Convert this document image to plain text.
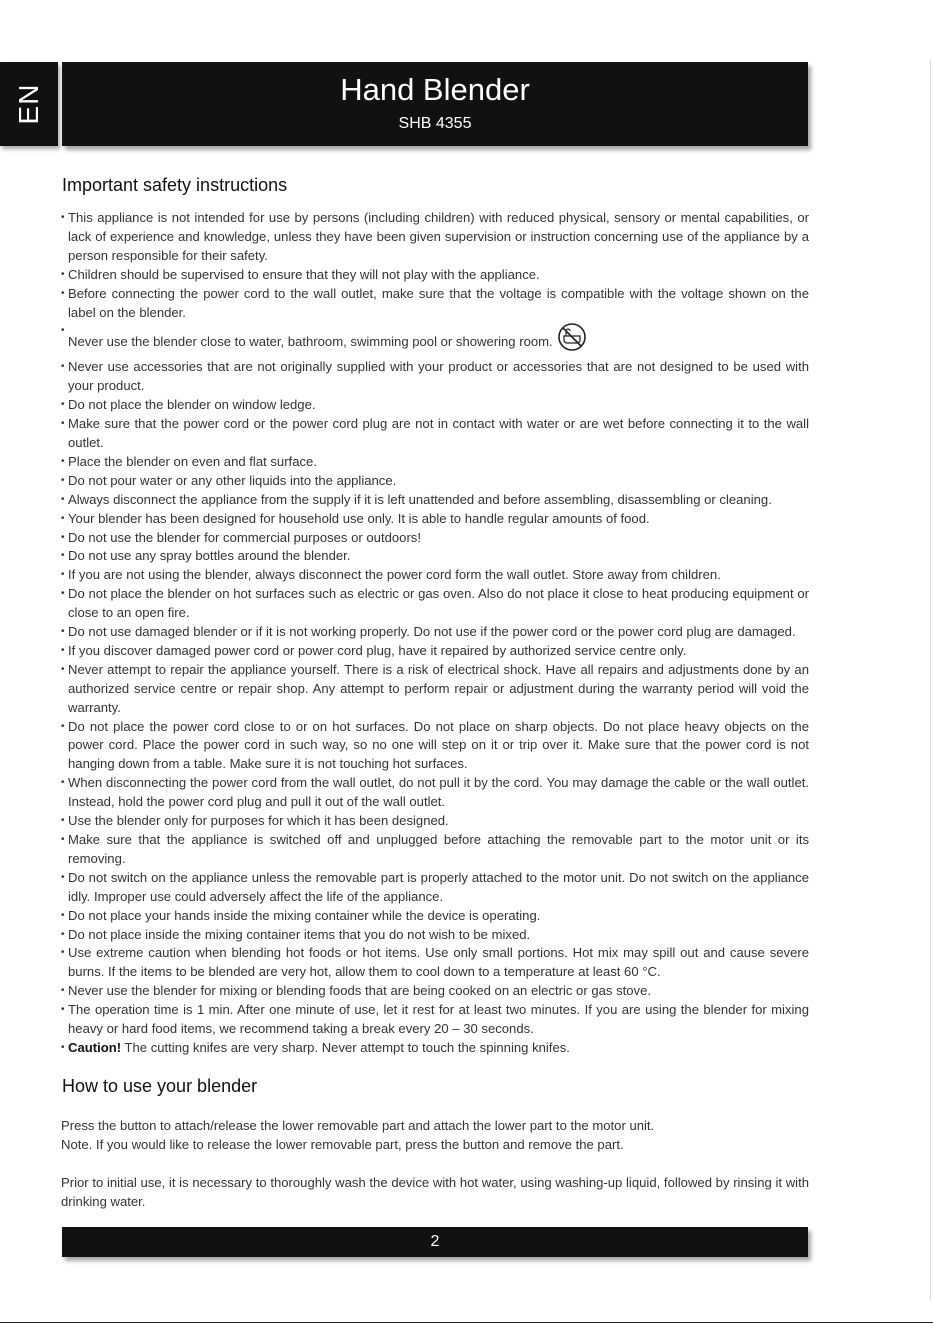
EN	Hand Blender
SHB 4355
Important safety instructions
• This appliance is not intended for use by persons (including children) with reduced physical, sensory or mental capabilities, or lack of experience and knowledge, unless they have been given supervision or instruction concerning use of the appliance by a person responsible for their safety.
• Children should be supervised to ensure that they will not play with the appliance.
• Before connecting the power cord to the wall outlet, make sure that the voltage is compatible with the voltage shown on the label on the blender.
• Never use the blender close to water, bathroom, swimming pool or showering room.
• Never use accessories that are not originally supplied with your product or accessories that are not designed to be used with your product.
• Do not place the blender on window ledge.
• Make sure that the power cord or the power cord plug are not in contact with water or are wet before connecting it to the wall outlet.
• Place the blender on even and flat surface.
• Do not pour water or any other liquids into the appliance.
• Always disconnect the appliance from the supply if it is left unattended and before assembling, disassembling or cleaning.
• Your blender has been designed for household use only. It is able to handle regular amounts of food.
• Do not use the blender for commercial purposes or outdoors!
• Do not use any spray bottles around the blender.
• If you are not using the blender, always disconnect the power cord form the wall outlet. Store away from children.
• Do not place the blender on hot surfaces such as electric or gas oven. Also do not place it close to heat producing equipment or close to an open fire.
• Do not use damaged blender or if it is not working properly. Do not use if the power cord or the power cord plug are damaged.
• If you discover damaged power cord or power cord plug, have it repaired by authorized service centre only.
• Never attempt to repair the appliance yourself. There is a risk of electrical shock. Have all repairs and adjustments done by an authorized service centre or repair shop. Any attempt to perform repair or adjustment during the warranty period will void the warranty.
• Do not place the power cord close to or on hot surfaces. Do not place on sharp objects. Do not place heavy objects on the power cord. Place the power cord in such way, so no one will step on it or trip over it. Make sure that the power cord is not hanging down from a table. Make sure it is not touching hot surfaces.
• When disconnecting the power cord from the wall outlet, do not pull it by the cord. You may damage the cable or the wall outlet. Instead, hold the power cord plug and pull it out of the wall outlet.
• Use the blender only for purposes for which it has been designed.
• Make sure that the appliance is switched off and unplugged before attaching the removable part to the motor unit or its removing.
• Do not switch on the appliance unless the removable part is properly attached to the motor unit. Do not switch on the appliance idly. Improper use could adversely affect the life of the appliance.
• Do not place your hands inside the mixing container while the device is operating.
• Do not place inside the mixing container items that you do not wish to be mixed.
• Use extreme caution when blending hot foods or hot items. Use only small portions. Hot mix may spill out and cause severe burns. If the items to be blended are very hot, allow them to cool down to a temperature at least 60 °C.
• Never use the blender for mixing or blending foods that are being cooked on an electric or gas stove.
• The operation time is 1 min. After one minute of use, let it rest for at least two minutes. If you are using the blender for mixing heavy or hard food items, we recommend taking a break every 20 – 30 seconds.
• Caution! The cutting knifes are very sharp. Never attempt to touch the spinning knifes.
How to use your blender

Press the button to attach/release the lower removable part and attach the lower part to the motor unit.

Note. If you would like to release the lower removable part, press the button and remove the part.

Prior to initial use, it is necessary to thoroughly wash the device with hot water, using washing-up liquid, followed by rinsing it with drinking water.

2
